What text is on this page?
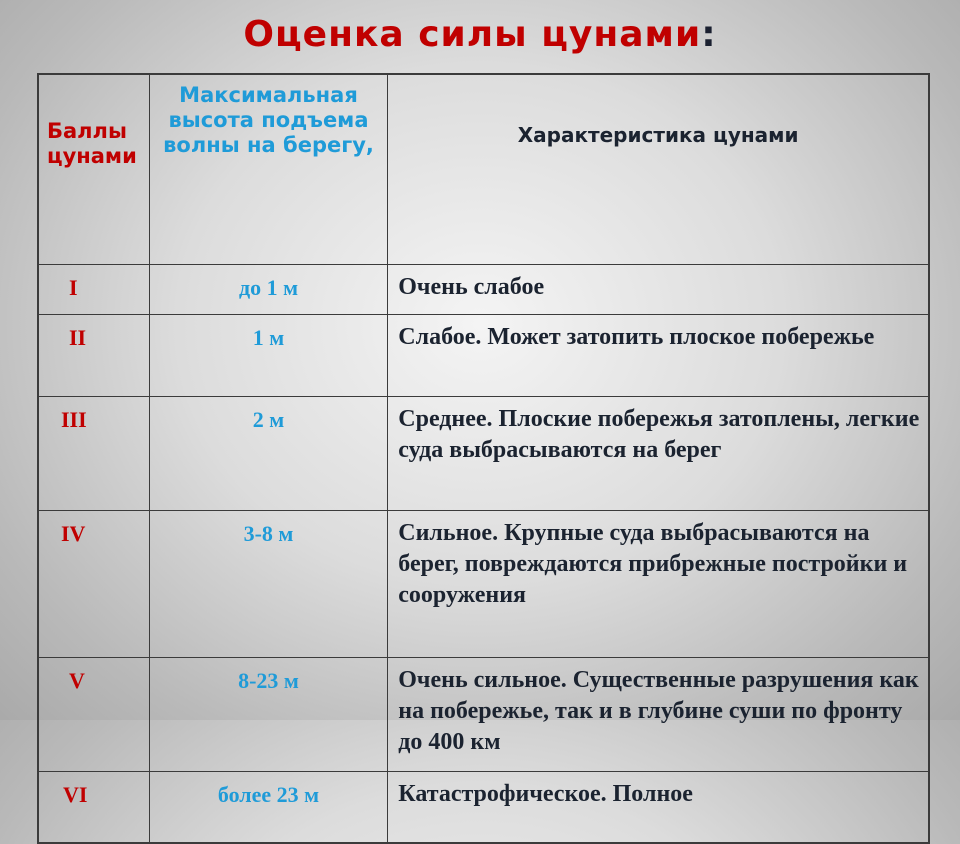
Оценка силы цунами:
Баллы цунами	Максимальная высота подъема волны на берегу,	Характеристика цунами
I	до 1 м	Очень слабое
II	1 м	Слабое. Может затопить плоское побережье
III	2 м	Среднее. Плоские побережья затоплены, легкие суда выбрасываются на берег
IV	3-8 м	Сильное. Крупные суда выбрасываются на берег, повреждаются прибрежные постройки и сооружения
V	8-23 м	Очень сильное. Существенные разрушения как на побережье, так и в глубине суши по фронту до 400 км
VI	более 23 м	Катастрофическое. Полное
